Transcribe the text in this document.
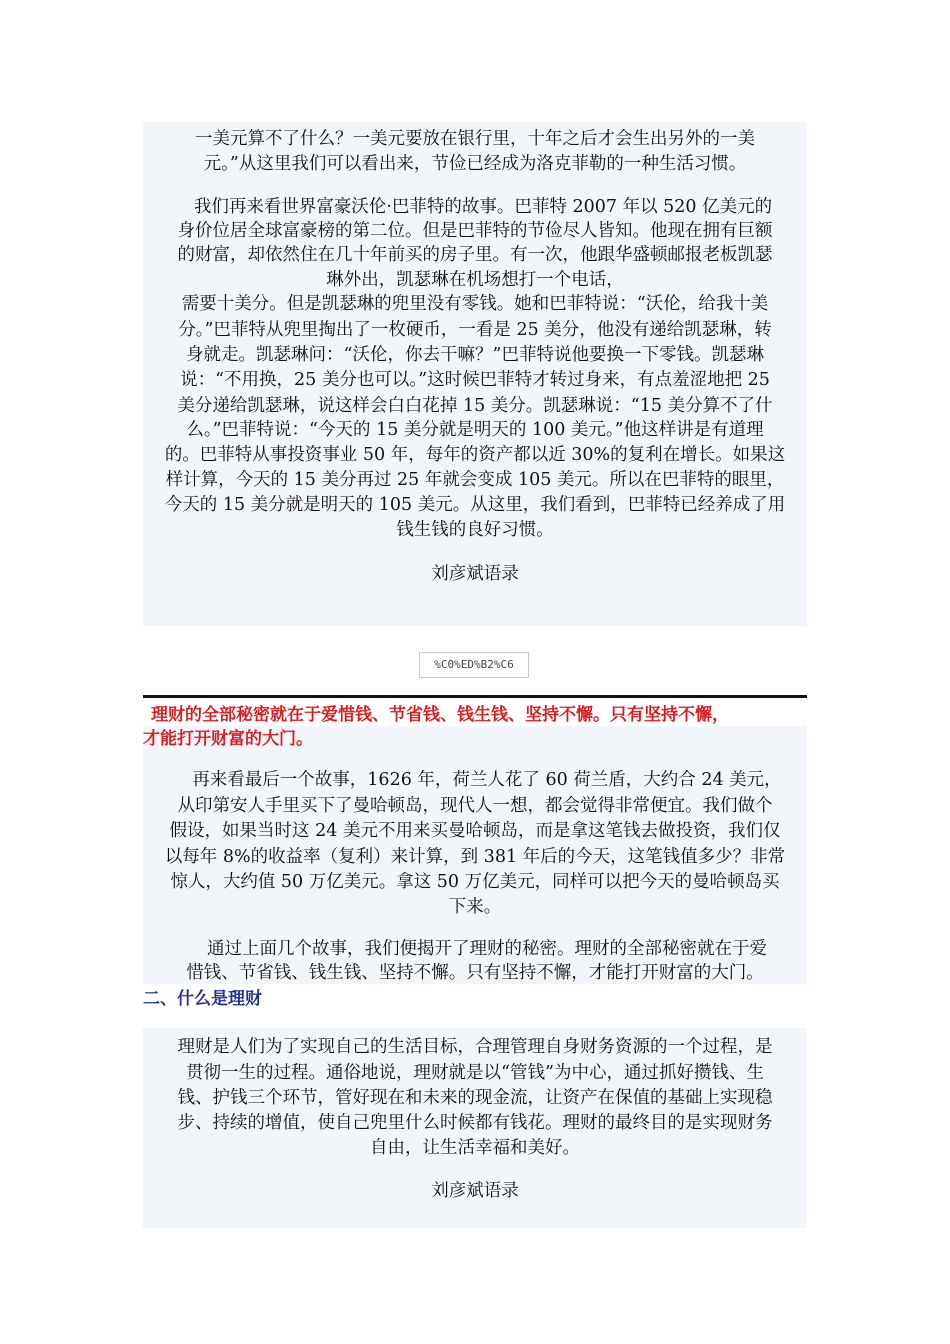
一美元算不了什么？一美元要放在银行里，十年之后才会生出另外的一美
元。”从这里我们可以看出来，节俭已经成为洛克菲勒的一种生活习惯。
我们再来看世界富豪沃伦·巴菲特的故事。巴菲特 2007 年以 520 亿美元的
身价位居全球富豪榜的第二位。但是巴菲特的节俭尽人皆知。他现在拥有巨额
的财富，却依然住在几十年前买的房子里。有一次，他跟华盛顿邮报老板凯瑟
琳外出，凯瑟琳在机场想打一个电话，
需要十美分。但是凯瑟琳的兜里没有零钱。她和巴菲特说：“沃伦，给我十美
分。”巴菲特从兜里掏出了一枚硬币，一看是 25 美分，他没有递给凯瑟琳，转
身就走。凯瑟琳问：“沃伦，你去干嘛？”巴菲特说他要换一下零钱。凯瑟琳
说：“不用换，25 美分也可以。”这时候巴菲特才转过身来，有点羞涩地把 25
美分递给凯瑟琳，说这样会白白花掉 15 美分。凯瑟琳说：“15 美分算不了什
么。”巴菲特说：“今天的 15 美分就是明天的 100 美元。”他这样讲是有道理
的。巴菲特从事投资事业 50 年，每年的资产都以近 30%的复利在增长。如果这
样计算，今天的 15 美分再过 25 年就会变成 105 美元。所以在巴菲特的眼里，
今天的 15 美分就是明天的 105 美元。从这里，我们看到，巴菲特已经养成了用
钱生钱的良好习惯。
刘彦斌语录
%C0%ED%B2%C6
理财的全部秘密就在于爱惜钱、节省钱、钱生钱、坚持不懈。只有坚持不懈，
才能打开财富的大门。
再来看最后一个故事，1626 年，荷兰人花了 60 荷兰盾，大约合 24 美元，
从印第安人手里买下了曼哈顿岛，现代人一想，都会觉得非常便宜。我们做个
假设，如果当时这 24 美元不用来买曼哈顿岛，而是拿这笔钱去做投资，我们仅
以每年 8%的收益率（复利）来计算，到 381 年后的今天，这笔钱值多少？非常
惊人，大约值 50 万亿美元。拿这 50 万亿美元，同样可以把今天的曼哈顿岛买
下来。
通过上面几个故事，我们便揭开了理财的秘密。理财的全部秘密就在于爱
惜钱、节省钱、钱生钱、坚持不懈。只有坚持不懈，才能打开财富的大门。
二、什么是理财
理财是人们为了实现自己的生活目标，合理管理自身财务资源的一个过程，是
贯彻一生的过程。通俗地说，理财就是以“管钱”为中心，通过抓好攒钱、生
钱、护钱三个环节，管好现在和未来的现金流，让资产在保值的基础上实现稳
步、持续的增值，使自己兜里什么时候都有钱花。理财的最终目的是实现财务
自由，让生活幸福和美好。
刘彦斌语录
